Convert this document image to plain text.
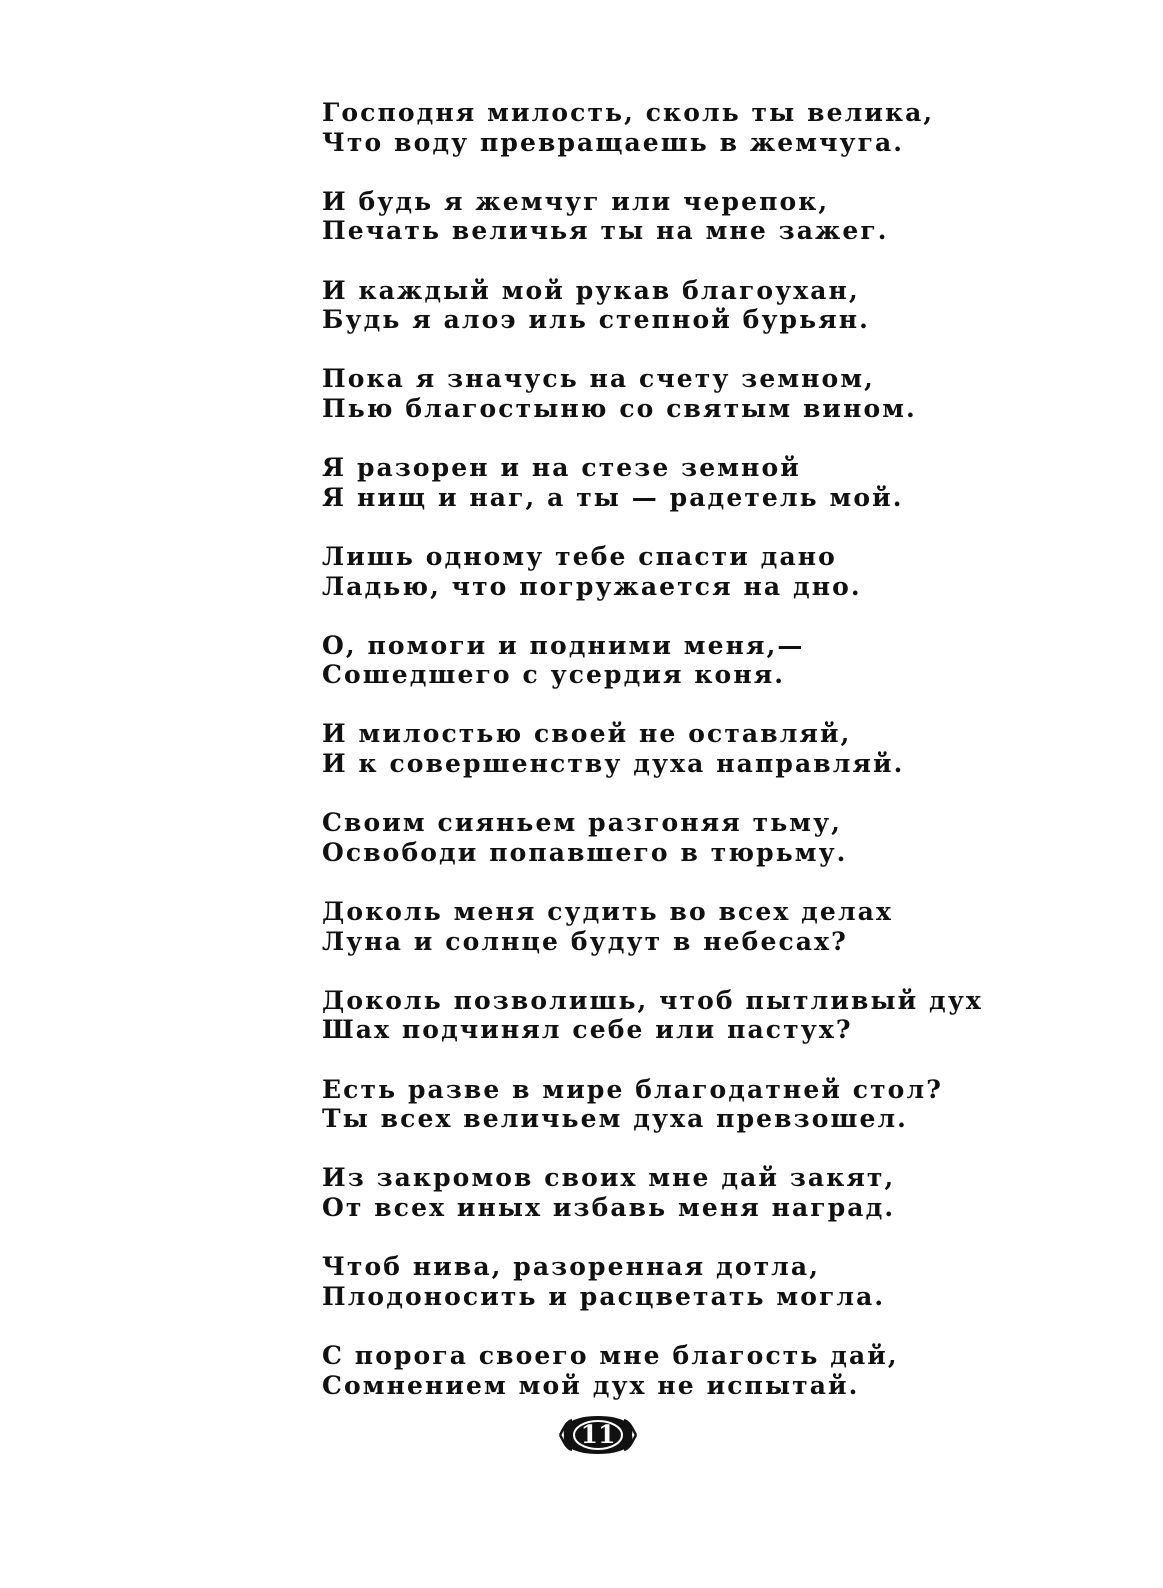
Господня милость, сколь ты велика,
Что воду превращаешь в жемчуга.
И будь я жемчуг или черепок,
Печать величья ты на мне зажег.
И каждый мой рукав благоухан,
Будь я алоэ иль степной бурьян.
Пока я значусь на счету земном,
Пью благостыню со святым вином.
Я разорен и на стезе земной
Я нищ и наг, а ты — радетель мой.
Лишь одному тебе спасти дано
Ладью, что погружается на дно.
О, помоги и подними меня,—
Сошедшего с усердия коня.
И милостью своей не оставляй,
И к совершенству духа направляй.
Своим сияньем разгоняя тьму,
Освободи попавшего в тюрьму.
Доколь меня судить во всех делах
Луна и солнце будут в небесах?
Доколь позволишь, чтоб пытливый дух
Шах подчинял себе или пастух?
Есть разве в мире благодатней стол?
Ты всех величьем духа превзошел.
Из закромов своих мне дай закят,
От всех иных избавь меня наград.
Чтоб нива, разоренная дотла,
Плодоносить и расцветать могла.
С порога своего мне благость дай,
Сомнением мой дух не испытай.
11
